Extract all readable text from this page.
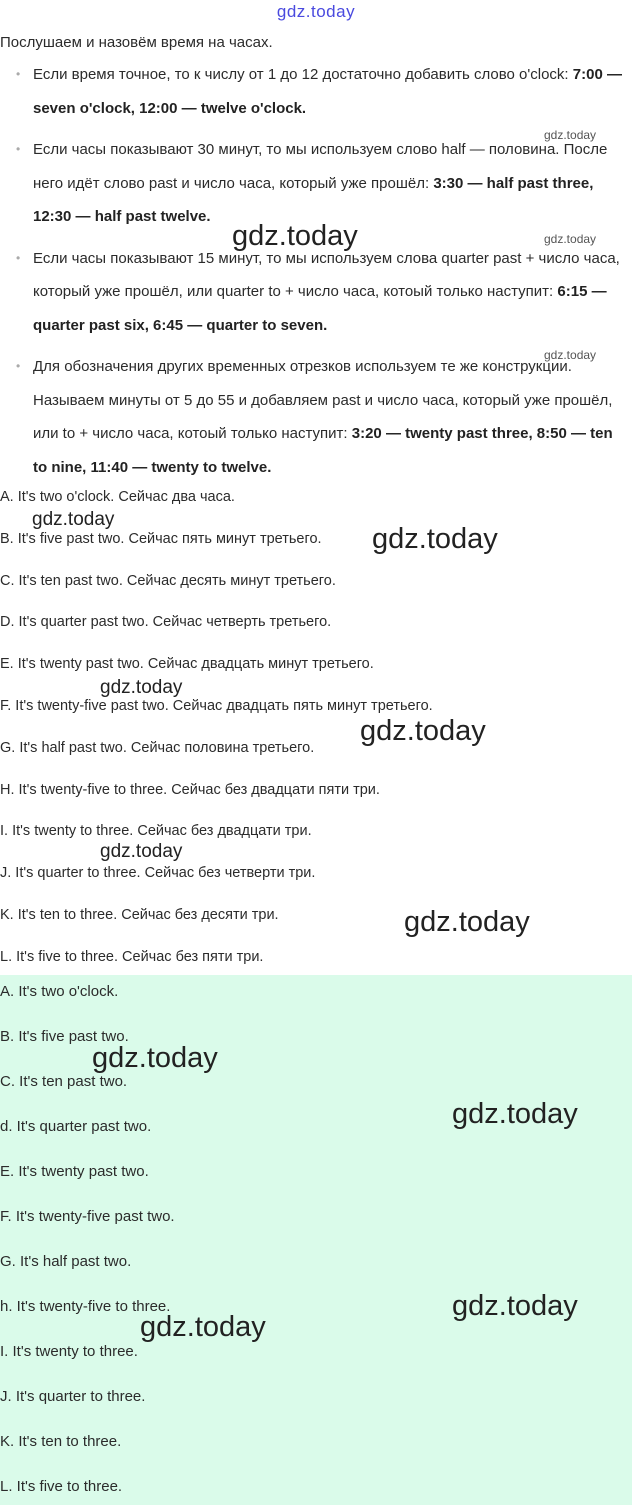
gdz.today
Послушаем и назовём время на часах.
• Если время точное, то к числу от 1 до 12 достаточно добавить слово o'clock: 7:00 — seven o'clock, 12:00 — twelve o'clock.
• Если часы показывают 30 минут, то мы используем слово half — половина. После него идёт слово past и число часа, который уже прошёл: 3:30 — half past three, 12:30 — half past twelve.
• Если часы показывают 15 минут, то мы используем слова quarter past + число часа, который уже прошёл, или quarter to + число часа, котоый только наступит: 6:15 — quarter past six, 6:45 — quarter to seven.
• Для обозначения других временных отрезков используем те же конструкции. Называем минуты от 5 до 55 и добавляем past и число часа, который уже прошёл, или to + число часа, котоый только наступит: 3:20 — twenty past three, 8:50 — ten to nine, 11:40 — twenty to twelve.
A. It's two o'clock. Сейчас два часа.
B. It's five past two. Сейчас пять минут третьего.
C. It's ten past two. Сейчас десять минут третьего.
D. It's quarter past two. Сейчас четверть третьего.
E. It's twenty past two. Сейчас двадцать минут третьего.
F. It's twenty-five past two. Сейчас двадцать пять минут третьего.
G. It's half past two. Сейчас половина третьего.
H. It's twenty-five to three. Сейчас без двадцати пяти три.
I. It's twenty to three. Сейчас без двадцати три.
J. It's quarter to three. Сейчас без четверти три.
K. It's ten to three. Сейчас без десяти три.
L. It's five to three. Сейчас без пяти три.
A. It's two o'clock.
B. It's five past two.
C. It's ten past two.
d. It's quarter past two.
E. It's twenty past two.
F. It's twenty-five past two.
G. It's half past two.
h. It's twenty-five to three.
I. It's twenty to three.
J. It's quarter to three.
K. It's ten to three.
L. It's five to three.
gdz.today
gdz.today	gdz.today
gdz.today
gdz.today
gdz.today
gdz.today
gdz.today
gdz.today
gdz.today
gdz.today
gdz.today
gdz.today
gdz.today
